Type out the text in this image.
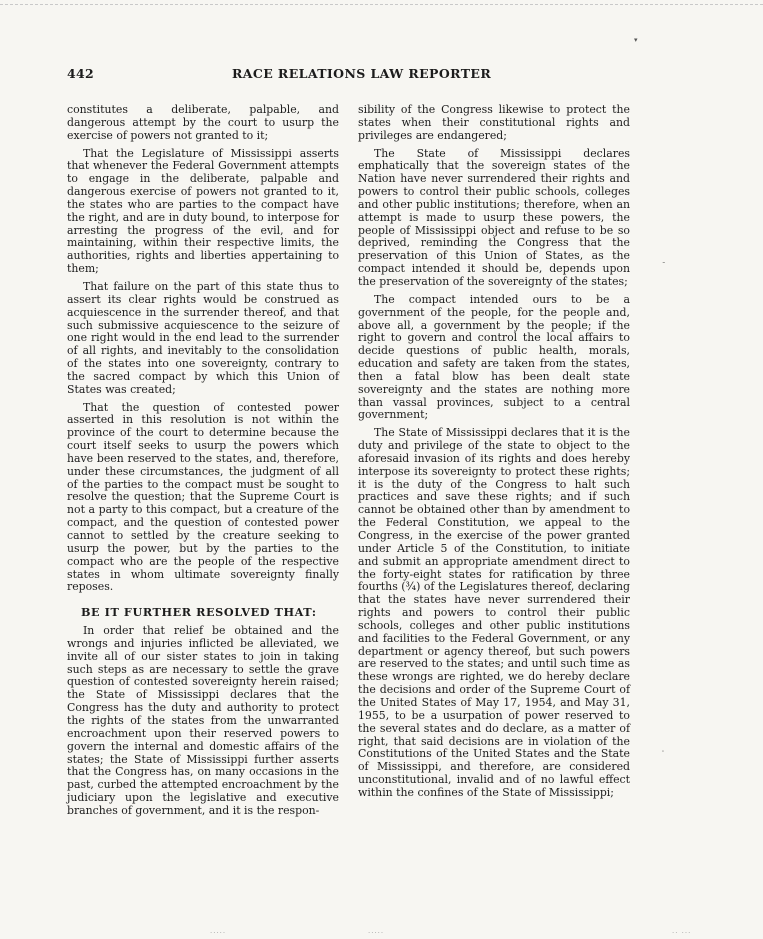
442	RACE RELATIONS LAW REPORTER

constitutes a deliberate, palpable, and dangerous attempt by the court to usurp the exercise of powers not granted to it;

That the Legislature of Mississippi asserts that whenever the Federal Government attempts to engage in the deliberate, palpable and dangerous exercise of powers not granted to it, the states who are parties to the compact have the right, and are in duty bound, to interpose for arresting the progress of the evil, and for maintaining, within their respective limits, the authorities, rights and liberties appertaining to them;

That failure on the part of this state thus to assert its clear rights would be construed as acquiescence in the surrender thereof, and that such submissive acquiescence to the seizure of one right would in the end lead to the surrender of all rights, and inevitably to the consolidation of the states into one sovereignty, contrary to the sacred compact by which this Union of States was created;

That the question of contested power asserted in this resolution is not within the province of the court to determine because the court itself seeks to usurp the powers which have been reserved to the states, and, therefore, under these circumstances, the judgment of all of the parties to the compact must be sought to resolve the question; that the Supreme Court is not a party to this compact, but a creature of the compact, and the question of contested power cannot to settled by the creature seeking to usurp the power, but by the parties to the compact who are the people of the respective states in whom ultimate sovereignty finally reposes.

BE IT FURTHER RESOLVED THAT:

In order that relief be obtained and the wrongs and injuries inflicted be alleviated, we invite all of our sister states to join in taking such steps as are necessary to settle the grave question of contested sovereignty herein raised; the State of Mississippi declares that the Congress has the duty and authority to protect the rights of the states from the unwarranted encroachment upon their reserved powers to govern the internal and domestic affairs of the states; the State of Mississippi further asserts that the Congress has, on many occasions in the past, curbed the attempted encroachment by the judiciary upon the legislative and executive branches of government, and it is the respon-

sibility of the Congress likewise to protect the states when their constitutional rights and privileges are endangered;

The State of Mississippi declares emphatically that the sovereign states of the Nation have never surrendered their rights and powers to control their public schools, colleges and other public institutions; therefore, when an attempt is made to usurp these powers, the people of Mississippi object and refuse to be so deprived, reminding the Congress that the preservation of this Union of States, as the compact intended it should be, depends upon the preservation of the sovereignty of the states;

The compact intended ours to be a government of the people, for the people and, above all, a government by the people; if the right to govern and control the local affairs to decide questions of public health, morals, education and safety are taken from the states, then a fatal blow has been dealt state sovereignty and the states are nothing more than vassal provinces, subject to a central government;

The State of Mississippi declares that it is the duty and privilege of the state to object to the aforesaid invasion of its rights and does hereby interpose its sovereignty to protect these rights; it is the duty of the Congress to halt such practices and save these rights; and if such cannot be obtained other than by amendment to the Federal Constitution, we appeal to the Congress, in the exercise of the power granted under Article 5 of the Constitution, to initiate and submit an appropriate amendment direct to the forty-eight states for ratification by three fourths (¾) of the Legislatures thereof, declaring that the states have never surrendered their rights and powers to control their public schools, colleges and other public institutions and facilities to the Federal Government, or any department or agency thereof, but such powers are reserved to the states; and until such time as these wrongs are righted, we do hereby declare the decisions and order of the Supreme Court of the United States of May 17, 1954, and May 31, 1955, to be a usurpation of power reserved to the several states and do declare, as a matter of right, that said decisions are in violation of the Constitutions of the United States and the State of Mississippi, and therefore, are considered unconstitutional, invalid and of no lawful effect within the confines of the State of Mississippi;

▾
˘
ˌ
·····	·····	·· ···
